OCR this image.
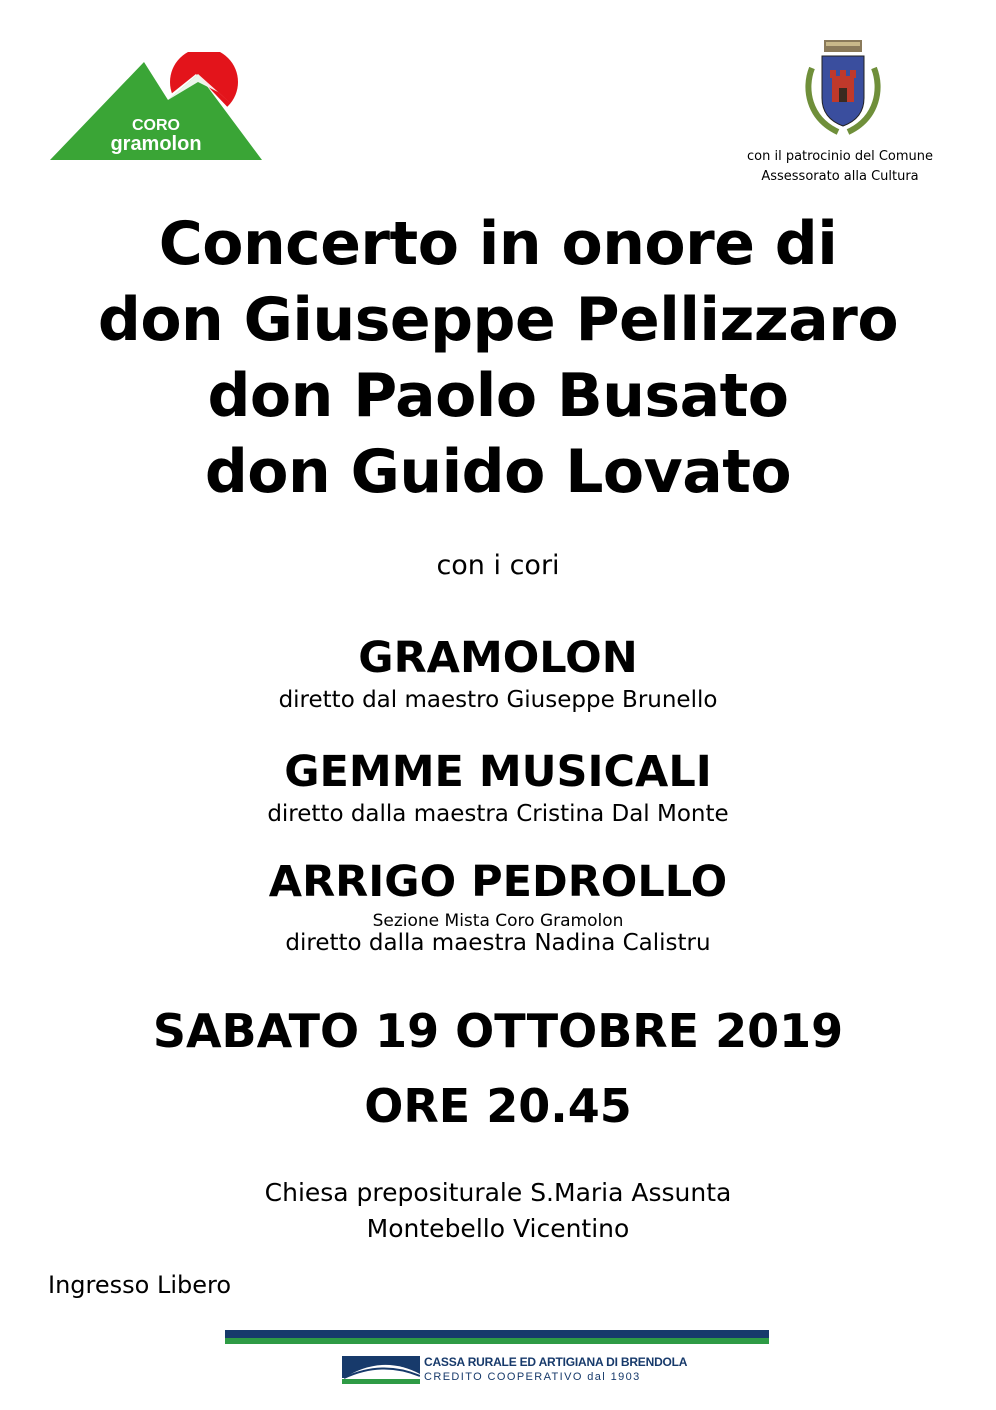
CORO
gramolon
con il patrocinio del Comune
Assessorato alla Cultura
Concerto in onore di
don Giuseppe Pellizzaro
don Paolo Busato
don Guido Lovato
con i cori
GRAMOLON
diretto dal maestro Giuseppe Brunello
GEMME MUSICALI
diretto dalla maestra Cristina Dal Monte
ARRIGO PEDROLLO
Sezione Mista Coro Gramolon
diretto dalla maestra Nadina Calistru
SABATO 19 OTTOBRE 2019
ORE 20.45
Chiesa prepositurale S.Maria Assunta
Montebello Vicentino
Ingresso Libero
CASSA RURALE ED ARTIGIANA DI BRENDOLA
CREDITO COOPERATIVO dal 1903
